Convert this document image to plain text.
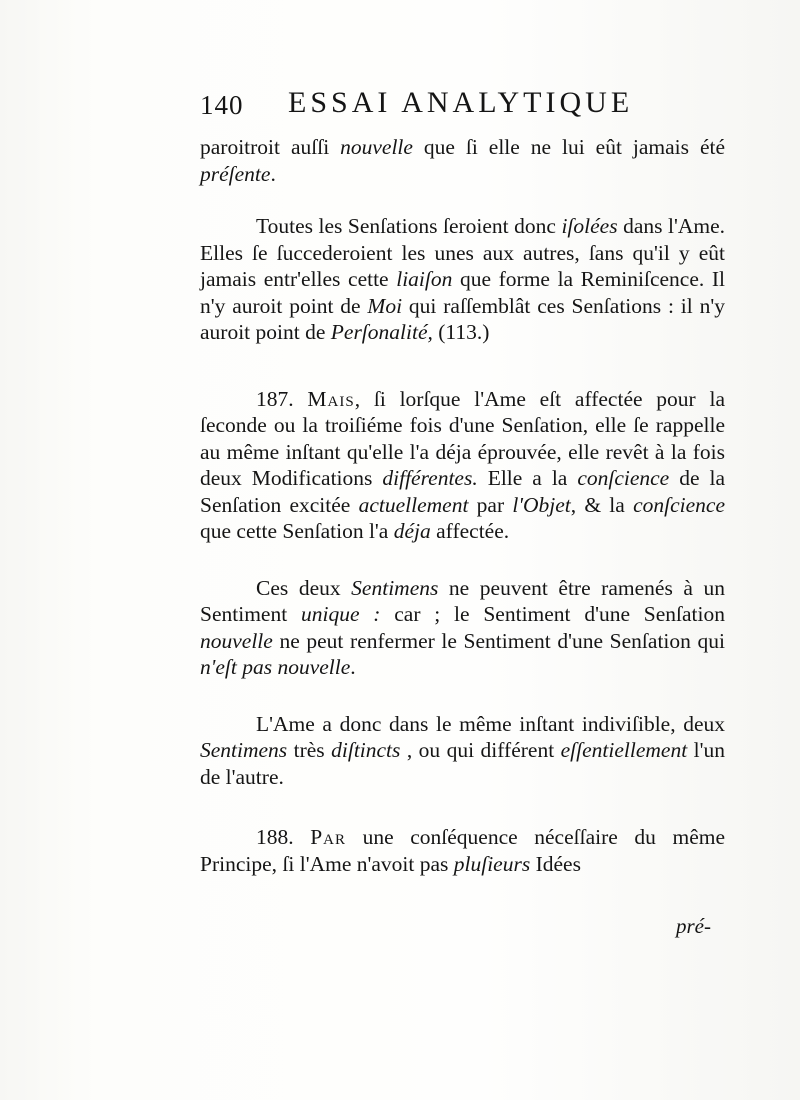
140 ESSAI ANALYTIQUE

paroitroit auſſi nouvelle que ſi elle ne lui eût jamais été préſente.

Toutes les Senſations ſeroient donc iſolées dans l'Ame. Elles ſe ſuccederoient les unes aux autres, ſans qu'il y eût jamais entr'elles cette liaiſon que forme la Reminiſcence. Il n'y auroit point de Moi qui raſſemblât ces Senſations : il n'y auroit point de Perſonalité, (113.)

187. Mais, ſi lorſque l'Ame eſt affectée pour la ſeconde ou la troiſiéme fois d'une Senſation, elle ſe rappelle au même inſtant qu'elle l'a déja éprouvée, elle revêt à la fois deux Modifications différentes. Elle a la conſcience de la Senſation excitée actuellement par l'Objet, & la conſcience que cette Senſation l'a déja affectée.

Ces deux Sentimens ne peuvent être ramenés à un Sentiment unique : car ; le Sentiment d'une Senſation nouvelle ne peut renfermer le Sentiment d'une Senſation qui n'eſt pas nouvelle.

L'Ame a donc dans le même inſtant indiviſible, deux Sentimens très diſtincts , ou qui différent eſſentiellement l'un de l'autre.

188. Par une conſéquence néceſſaire du même Principe, ſi l'Ame n'avoit pas pluſieurs Idées

pré-
